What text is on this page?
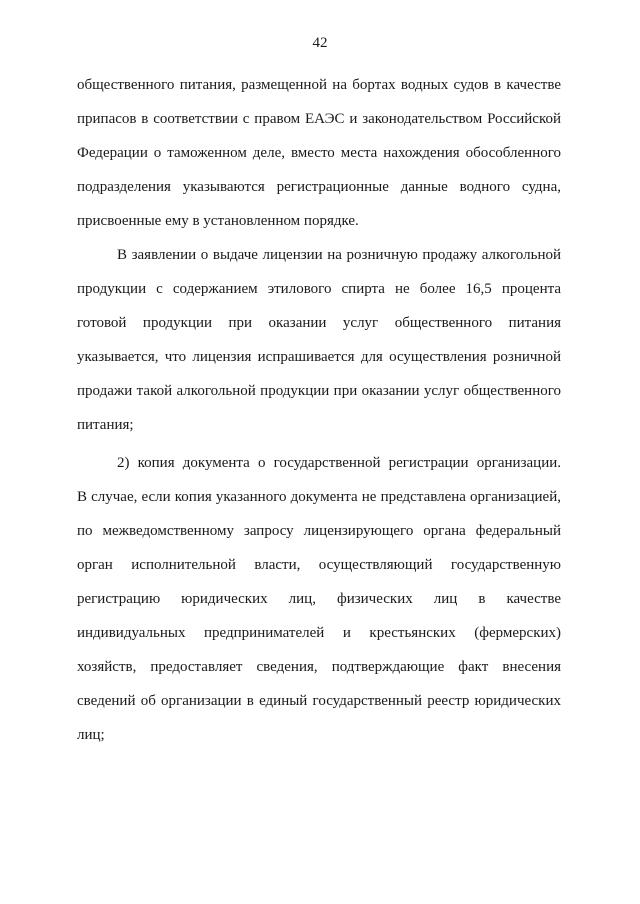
42
общественного питания, размещенной на бортах водных судов в качестве
припасов в соответствии с правом ЕАЭС и законодательством Российской
Федерации о таможенном деле, вместо места нахождения обособленного
подразделения указываются регистрационные данные водного судна,
присвоенные ему в установленном порядке.
В заявлении о выдаче лицензии на розничную продажу алкогольной
продукции с содержанием этилового спирта не более 16,5 процента
готовой продукции при оказании услуг общественного питания
указывается, что лицензия испрашивается для осуществления розничной
продажи такой алкогольной продукции при оказании услуг общественного
питания;
2) копия документа о государственной регистрации организации.
В случае, если копия указанного документа не представлена организацией,
по межведомственному запросу лицензирующего органа федеральный
орган исполнительной власти, осуществляющий государственную
регистрацию юридических лиц, физических лиц в качестве
индивидуальных предпринимателей и крестьянских (фермерских)
хозяйств, предоставляет сведения, подтверждающие факт внесения
сведений об организации в единый государственный реестр юридических
лиц;
